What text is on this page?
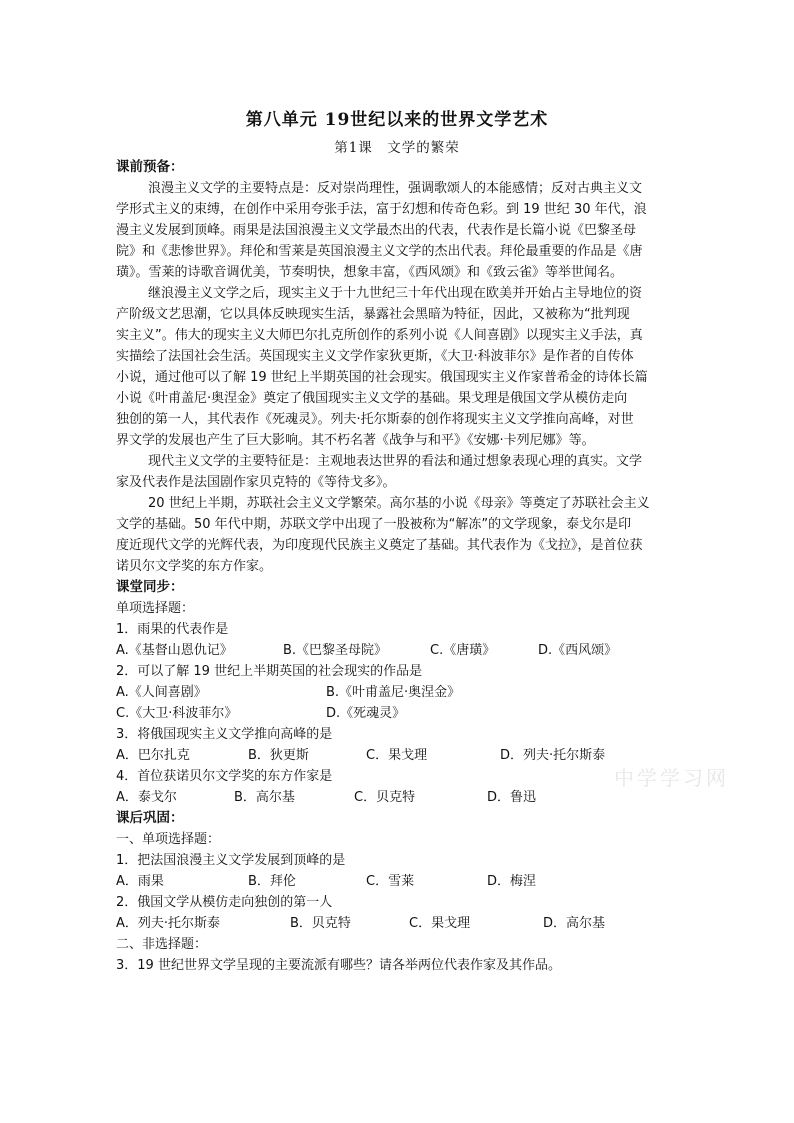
第八单元 19世纪以来的世界文学艺术
第1课　文学的繁荣
课前预备：
浪漫主义文学的主要特点是：反对崇尚理性，强调歌颂人的本能感情；反对古典主义文
学形式主义的束缚，在创作中采用夸张手法，富于幻想和传奇色彩。到 19 世纪 30 年代，浪
漫主义发展到顶峰。雨果是法国浪漫主义文学最杰出的代表，代表作是长篇小说《巴黎圣母
院》和《悲惨世界》。拜伦和雪莱是英国浪漫主义文学的杰出代表。拜伦最重要的作品是《唐
璜》。雪莱的诗歌音调优美，节奏明快，想象丰富，《西风颂》和《致云雀》等举世闻名。
继浪漫主义文学之后，现实主义于十九世纪三十年代出现在欧美并开始占主导地位的资
产阶级文艺思潮，它以具体反映现实生活，暴露社会黑暗为特征，因此，又被称为“批判现
实主义”。伟大的现实主义大师巴尔扎克所创作的系列小说《人间喜剧》以现实主义手法，真
实描绘了法国社会生活。英国现实主义文学作家狄更斯，《大卫·科波菲尔》是作者的自传体
小说，通过他可以了解 19 世纪上半期英国的社会现实。俄国现实主义作家普希金的诗体长篇
小说《叶甫盖尼·奥涅金》奠定了俄国现实主义文学的基础。果戈理是俄国文学从模仿走向
独创的第一人，其代表作《死魂灵》。列夫·托尔斯泰的创作将现实主义文学推向高峰，对世
界文学的发展也产生了巨大影响。其不朽名著《战争与和平》《安娜·卡列尼娜》等。
现代主义文学的主要特征是：主观地表达世界的看法和通过想象表现心理的真实。文学
家及代表作是法国剧作家贝克特的《等待戈多》。
20 世纪上半期，苏联社会主义文学繁荣。高尔基的小说《母亲》等奠定了苏联社会主义
文学的基础。50 年代中期，苏联文学中出现了一股被称为“解冻”的文学现象，泰戈尔是印
度近现代文学的光辉代表，为印度现代民族主义奠定了基础。其代表作为《戈拉》，是首位获
诺贝尔文学奖的东方作家。
课堂同步：
单项选择题：
1．雨果的代表作是
A.《基督山恩仇记》	B.《巴黎圣母院》	C.《唐璜》	D.《西风颂》
2．可以了解 19 世纪上半期英国的社会现实的作品是
A.《人间喜剧》	B.《叶甫盖尼·奥涅金》
C.《大卫·科波菲尔》	D.《死魂灵》
3．将俄国现实主义文学推向高峰的是
A．巴尔扎克	B．狄更斯	C．果戈理	D．列夫·托尔斯泰
4．首位获诺贝尔文学奖的东方作家是
A．泰戈尔	B．高尔基	C．贝克特	D．鲁迅
课后巩固：
一、单项选择题：
1．把法国浪漫主义文学发展到顶峰的是
A．雨果	B．拜伦	C．雪莱	D．梅涅
2．俄国文学从模仿走向独创的第一人
A．列夫·托尔斯泰	B．贝克特	C．果戈理	D．高尔基
二、非选择题：
3．19 世纪世界文学呈现的主要流派有哪些？请各举两位代表作家及其作品。
中学学习网
